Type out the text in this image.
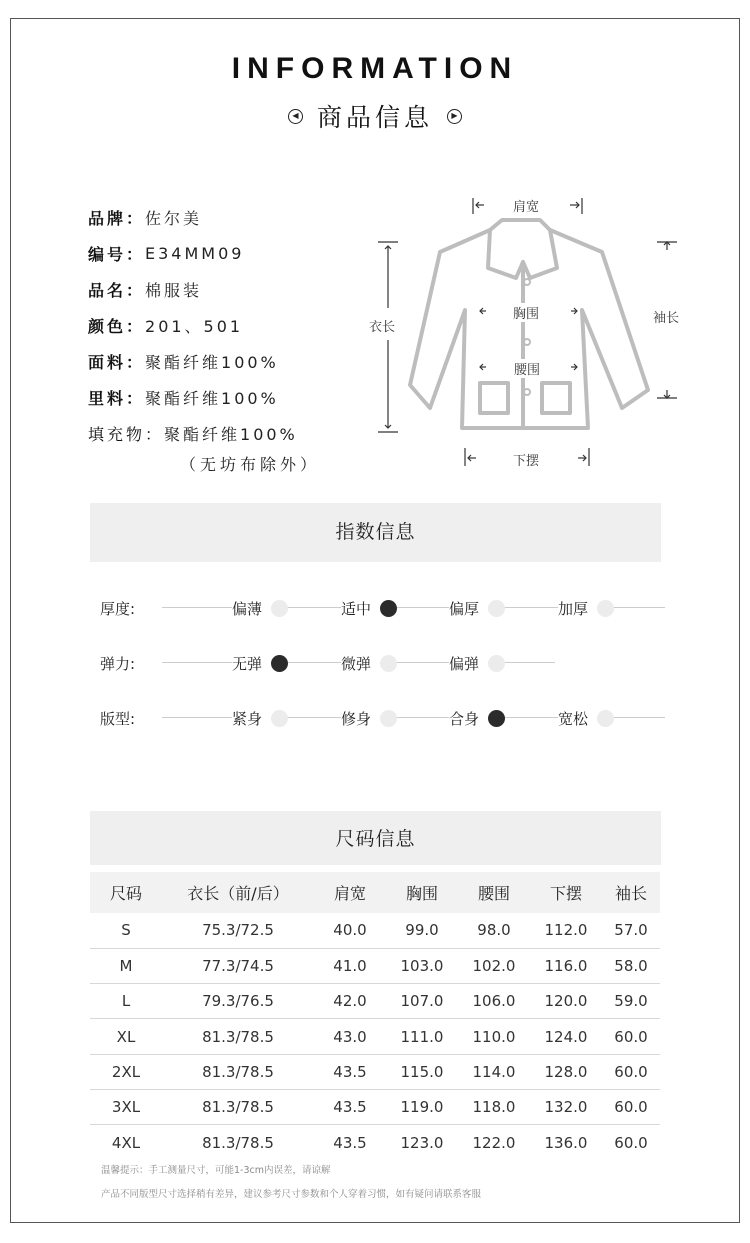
INFORMATION
◀ 商品信息	▶
品牌： 佐尔美
编号： E34MM09
品名： 棉服装
颜色： 201、501
面料： 聚酯纤维100%
里料： 聚酯纤维100%
填充物： 聚酯纤维100%
（无坊布除外）
肩宽
衣长
胸围	袖长
腰围
下摆
指数信息
厚度:	偏薄	适中	偏厚	加厚
弹力:	无弹	微弹	偏弹
版型:	紧身	修身	合身	宽松
尺码信息
尺码	衣长（前/后）	肩宽	胸围	腰围	下摆	袖长
S	75.3/72.5	40.0	99.0	98.0	112.0	57.0
M	77.3/74.5	41.0	103.0	102.0	116.0	58.0
L	79.3/76.5	42.0	107.0	106.0	120.0	59.0
XL	81.3/78.5	43.0	111.0	110.0	124.0	60.0
2XL	81.3/78.5	43.5	115.0	114.0	128.0	60.0
3XL	81.3/78.5	43.5	119.0	118.0	132.0	60.0
4XL	81.3/78.5	43.5	123.0	122.0	136.0	60.0
温馨提示：手工测量尺寸，可能1-3cm内误差，请谅解
产品不同版型尺寸选择稍有差异，建议参考尺寸参数和个人穿着习惯，如有疑问请联系客服
